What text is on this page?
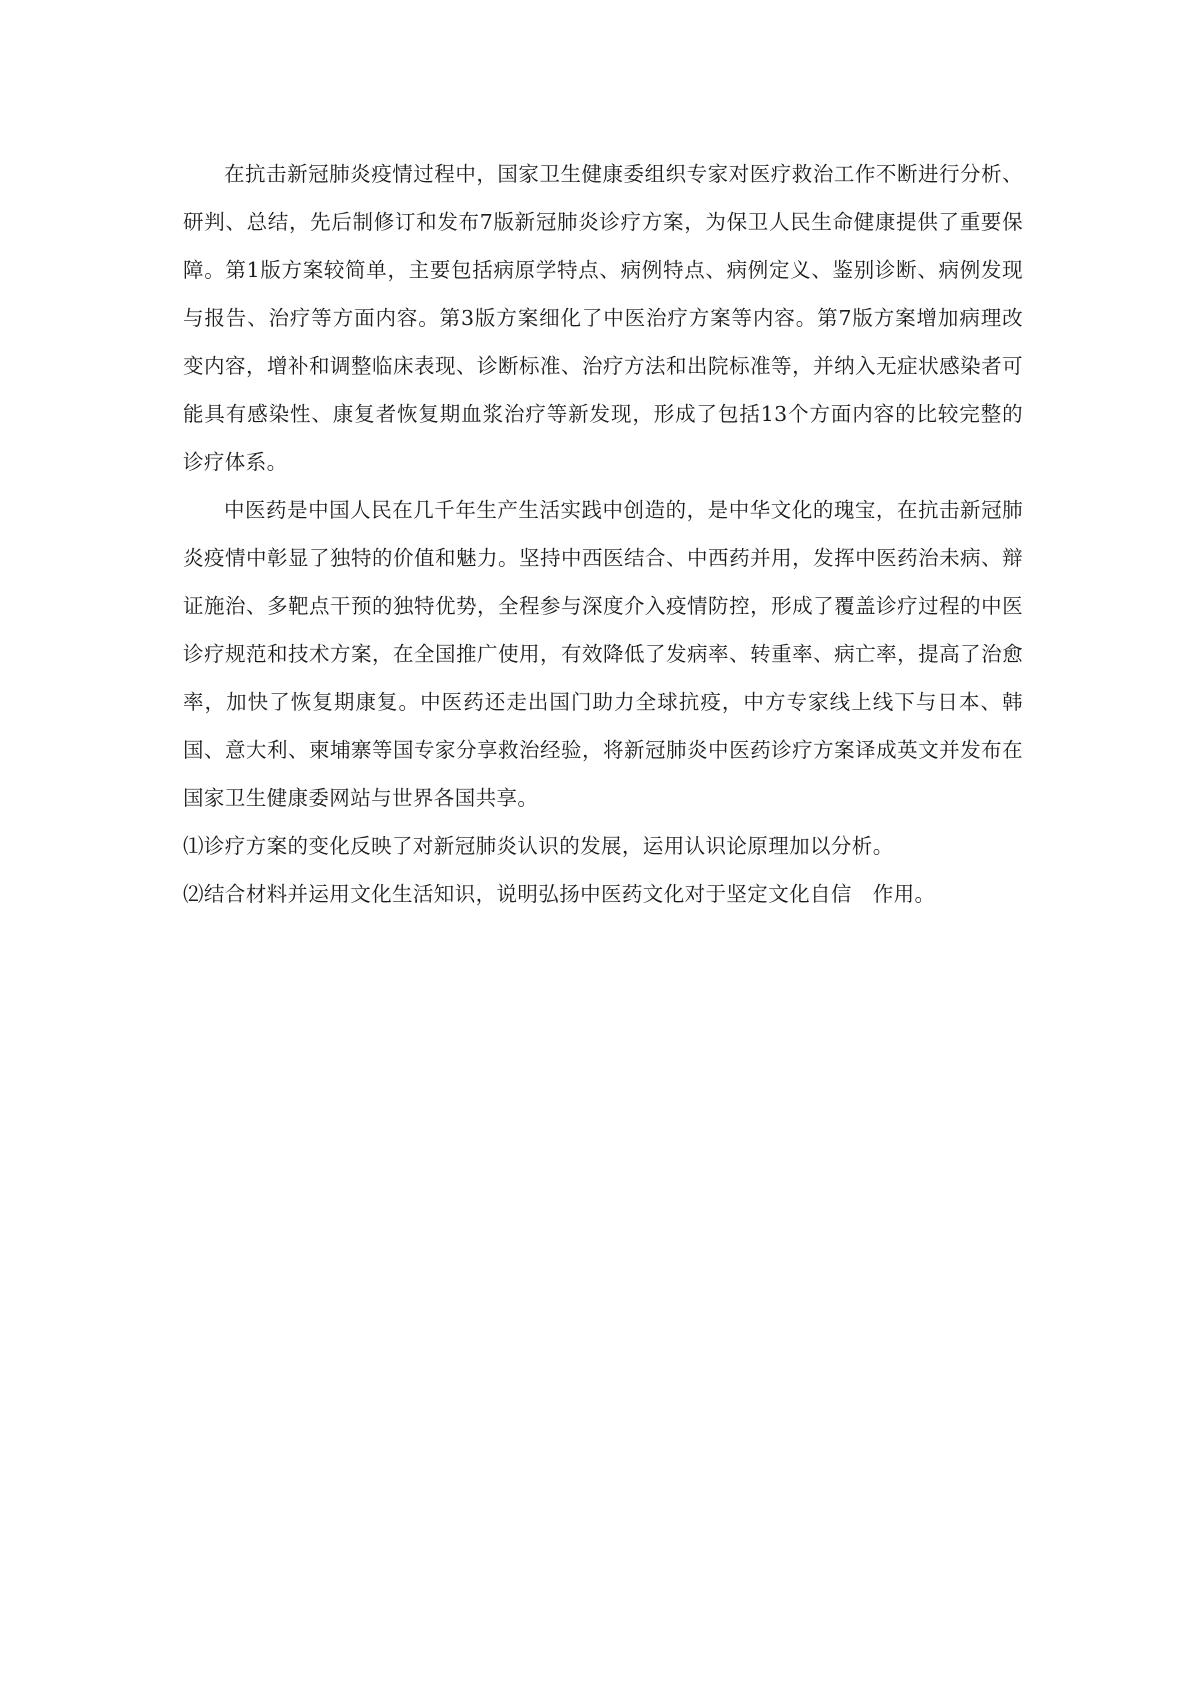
在抗击新冠肺炎疫情过程中，国家卫生健康委组织专家对医疗救治工作不断进行分析、研判、总结，先后制修订和发布7版新冠肺炎诊疗方案，为保卫人民生命健康提供了重要保障。第1版方案较简单，主要包括病原学特点、病例特点、病例定义、鉴别诊断、病例发现与报告、治疗等方面内容。第3版方案细化了中医治疗方案等内容。第7版方案增加病理改变内容，增补和调整临床表现、诊断标准、治疗方法和出院标准等，并纳入无症状感染者可能具有感染性、康复者恢复期血浆治疗等新发现，形成了包括13个方面内容的比较完整的诊疗体系。

中医药是中国人民在几千年生产生活实践中创造的，是中华文化的瑰宝，在抗击新冠肺炎疫情中彰显了独特的价值和魅力。坚持中西医结合、中西药并用，发挥中医药治未病、辩证施治、多靶点干预的独特优势，全程参与深度介入疫情防控，形成了覆盖诊疗过程的中医诊疗规范和技术方案，在全国推广使用，有效降低了发病率、转重率、病亡率，提高了治愈率，加快了恢复期康复。中医药还走出国门助力全球抗疫，中方专家线上线下与日本、韩国、意大利、柬埔寨等国专家分享救治经验，将新冠肺炎中医药诊疗方案译成英文并发布在国家卫生健康委网站与世界各国共享。

⑴诊疗方案的变化反映了对新冠肺炎认识的发展，运用认识论原理加以分析。

⑵结合材料并运用文化生活知识，说明弘扬中医药文化对于坚定文化自信　作用。
